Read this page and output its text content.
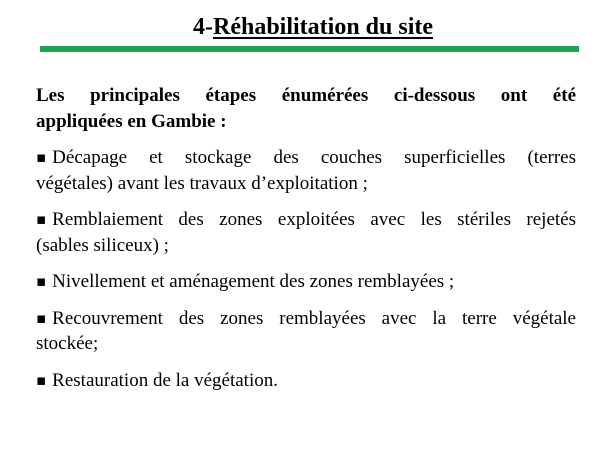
4-Réhabilitation du site

Les principales étapes énumérées ci-dessous ont été
appliquées en Gambie :

▪ Décapage et stockage des couches superficielles (terres
végétales) avant les travaux d’exploitation ;

▪ Remblaiement des zones exploitées avec les stériles rejetés
(sables siliceux) ;

▪ Nivellement et aménagement des zones remblayées ;

▪ Recouvrement des zones remblayées avec la terre végétale
stockée;

▪ Restauration de la végétation.
